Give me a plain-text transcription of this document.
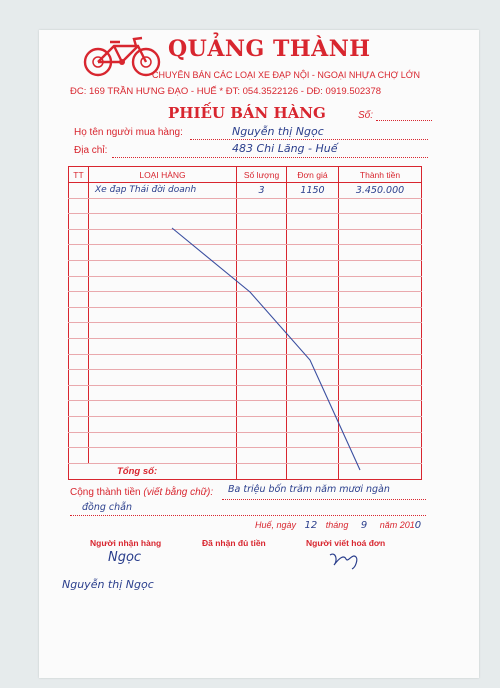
QUẢNG THÀNH
CHUYÊN BÁN CÁC LOẠI XE ĐẠP NỘI - NGOẠI NHỰA CHỢ LỚN
ĐC: 169 TRẦN HƯNG ĐẠO - HUẾ * ĐT: 054.3522126 - DĐ: 0919.502378
PHIẾU BÁN HÀNG	Số:
Họ tên người mua hàng:	Nguyễn thị Ngọc
Địa chỉ:	483 Chi Lăng - Huế
TT	LOẠI HÀNG	Số lượng	Đơn giá	Thành tiền
	Xe đạp Thái đời doanh	3	1150	3.450.000

Tổng số:				
Cộng thành tiền (viết bằng chữ): Ba triệu bốn trăm năm mươi ngàn
đồng chẵn
Huế, ngày 12 tháng 9 năm 2010
Người nhận hàng	Đã nhận đủ tiền	Người viết hoá đơn
Ngọc
Nguyễn thị Ngọc
